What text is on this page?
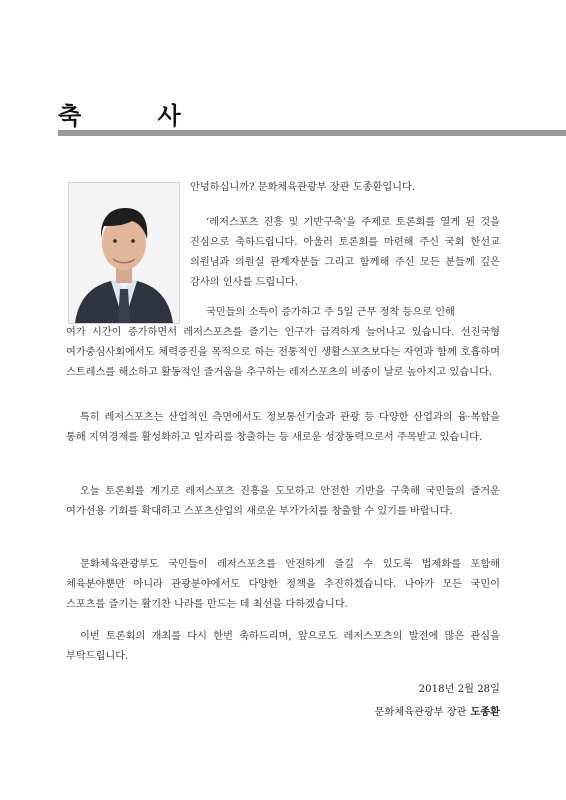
축 사

안녕하십니까? 문화체육관광부 장관 도종환입니다.

‘레저스포츠 진흥 및 기반구축’을 주제로 토론회를 열게 된 것을 진심으로 축하드립니다. 아울러 토론회를 마련해 주신 국회 한선교 의원님과 의원실 관계자분들 그리고 함께해 주신 모든 분들께 깊은 감사의 인사를 드립니다.

국민들의 소득이 증가하고 주 5일 근무 정착 등으로 인해
여가 시간이 증가하면서 레저스포츠를 즐기는 인구가 급격하게 늘어나고 있습니다. 선진국형 여가중심사회에서도 체력증진을 목적으로 하는 전통적인 생활스포츠보다는 자연과 함께 호흡하며 스트레스를 해소하고 활동적인 즐거움을 추구하는 레저스포츠의 비중이 날로 높아지고 있습니다.

특히 레저스포츠는 산업적인 측면에서도 정보통신기술과 관광 등 다양한 산업과의 융·복합을 통해 지역경제를 활성화하고 일자리를 창출하는 등 새로운 성장동력으로서 주목받고 있습니다.

오늘 토론회를 계기로 레저스포츠 진흥을 도모하고 안전한 기반을 구축해 국민들의 즐거운 여가선용 기회를 확대하고 스포츠산업의 새로운 부가가치를 창출할 수 있기를 바랍니다.

문화체육관광부도 국민들이 레저스포츠를 안전하게 즐길 수 있도록 법제화를 포함해 체육분야뿐만 아니라 관광분야에서도 다양한 정책을 추진하겠습니다. 나아가 모든 국민이 스포츠를 즐기는 활기찬 나라를 만드는 데 최선을 다하겠습니다.

이번 토론회의 개최를 다시 한번 축하드리며, 앞으로도 레저스포츠의 발전에 많은 관심을 부탁드립니다.

2018년 2월 28일
문화체육관광부 장관 도종환
